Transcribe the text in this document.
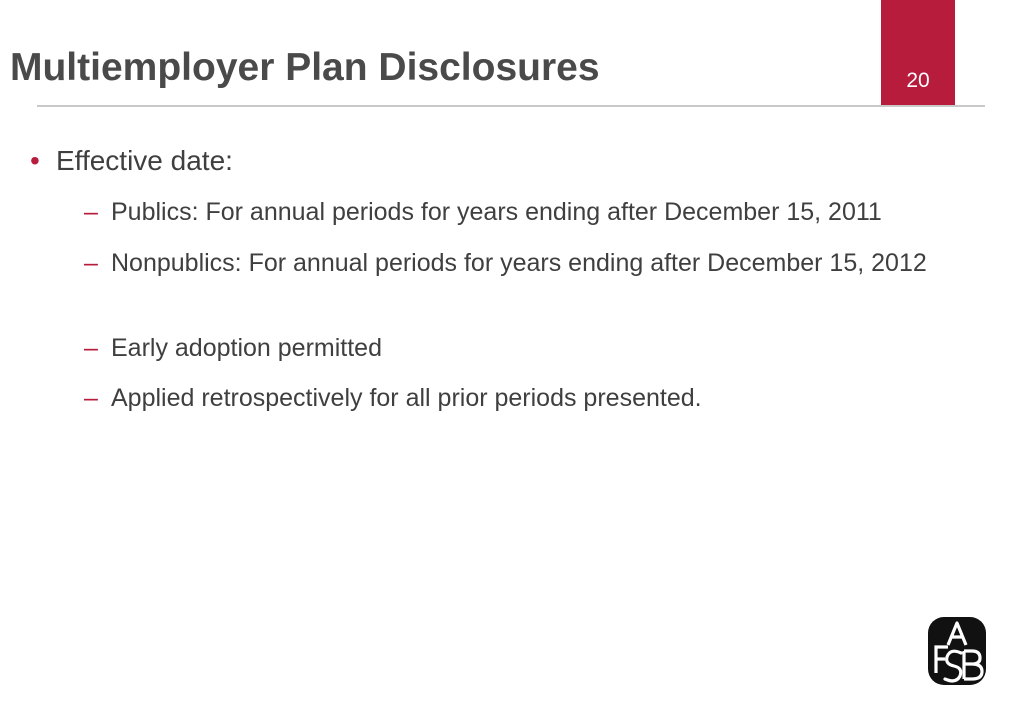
Multiemployer Plan Disclosures	20
• Effective date:
– Publics: For annual periods for years ending after December 15, 2011
– Nonpublics: For annual periods for years ending after December 15, 2012
– Early adoption permitted
– Applied retrospectively for all prior periods presented.
